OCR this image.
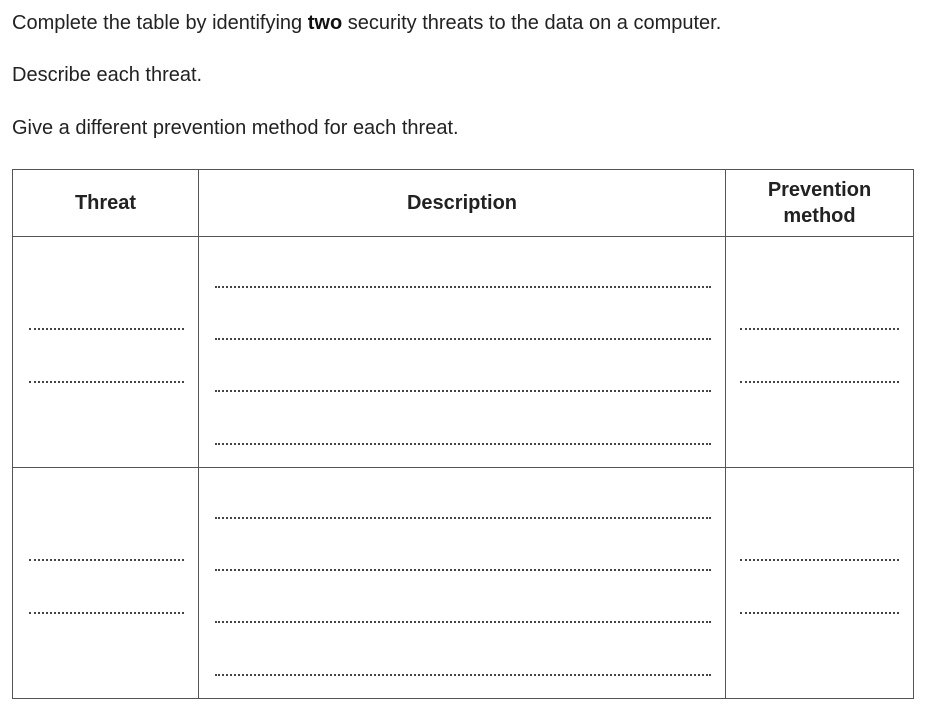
Complete the table by identifying two security threats to the data on a computer.
Describe each threat.
Give a different prevention method for each threat.
Threat	Description	Prevention
method
